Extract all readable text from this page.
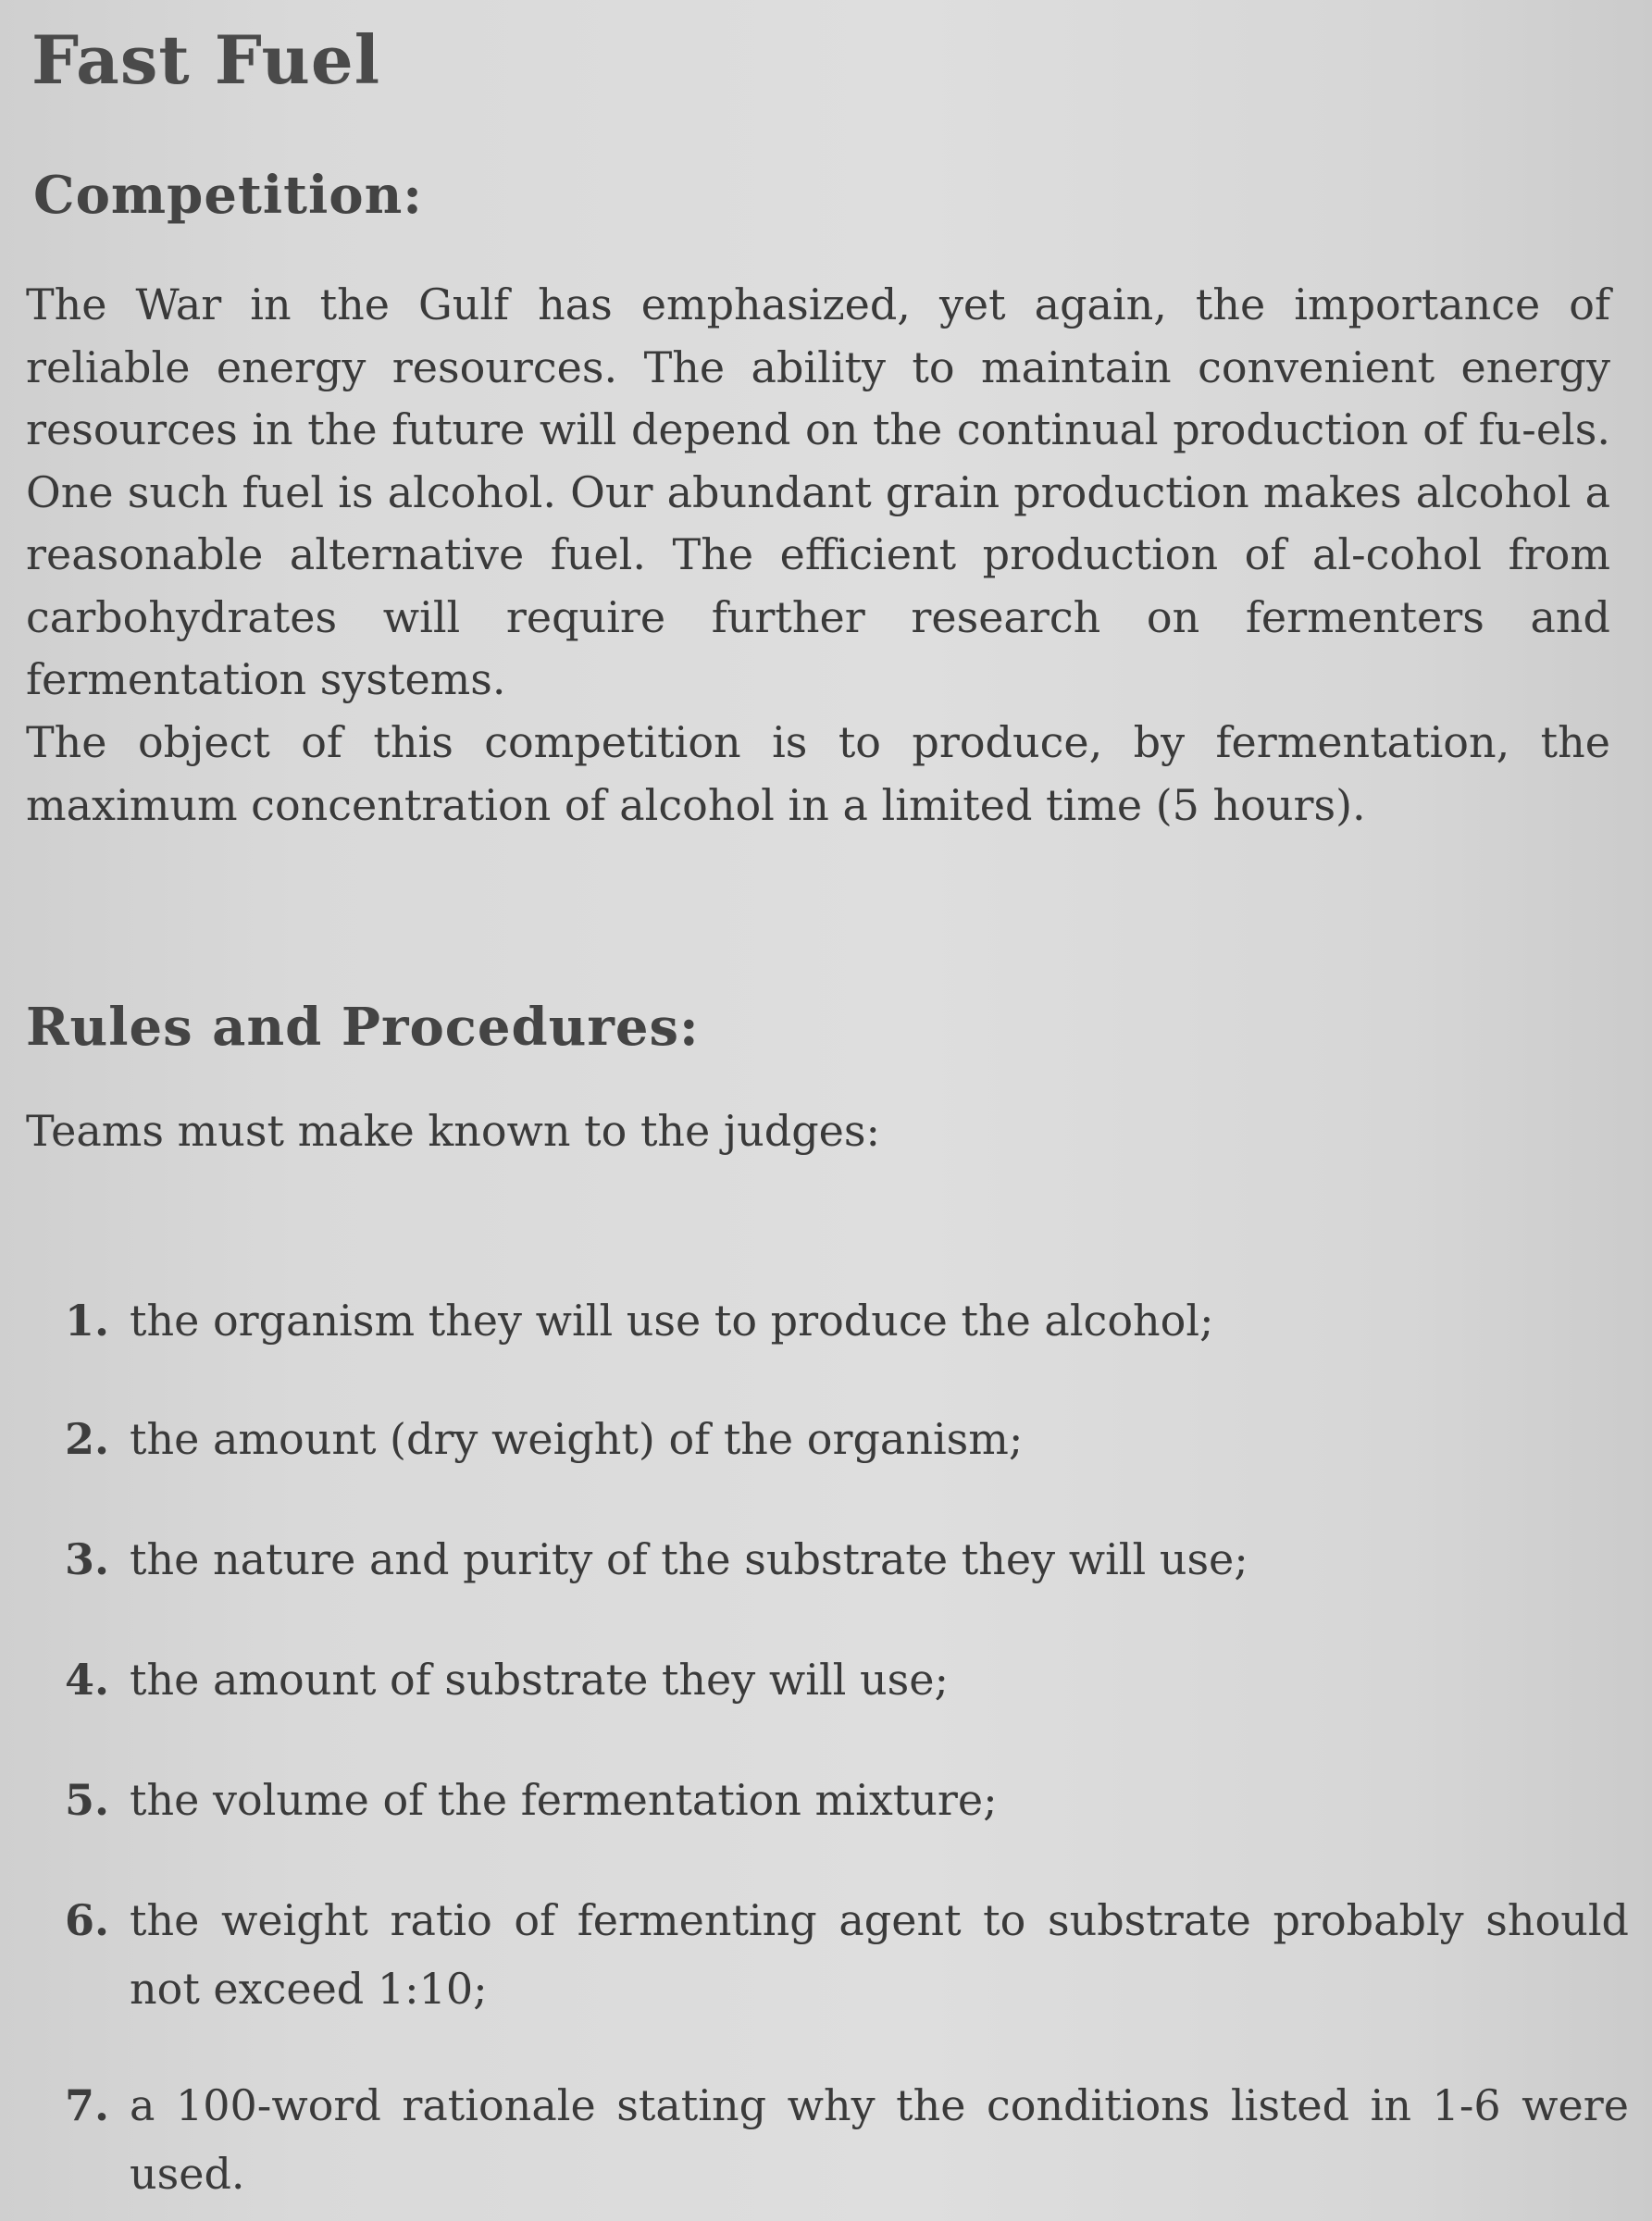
Fast Fuel
Competition:

The War in the Gulf has emphasized, yet again, the importance of reliable energy resources. The ability to maintain convenient energy resources in the future will depend on the continual production of fu-els. One such fuel is alcohol. Our abundant grain production makes alcohol a reasonable alternative fuel. The efficient production of al-cohol from carbohydrates will require further research on fermenters and fermentation systems.

The object of this competition is to produce, by fermentation, the maximum concentration of alcohol in a limited time (5 hours).

Rules and Procedures:

Teams must make known to the judges:

1. the organism they will use to produce the alcohol;
2. the amount (dry weight) of the organism;
3. the nature and purity of the substrate they will use;
4. the amount of substrate they will use;
5. the volume of the fermentation mixture;
6. the weight ratio of fermenting agent to substrate probably should not exceed 1:10;
7. a 100-word rationale stating why the conditions listed in 1-6 were used.
